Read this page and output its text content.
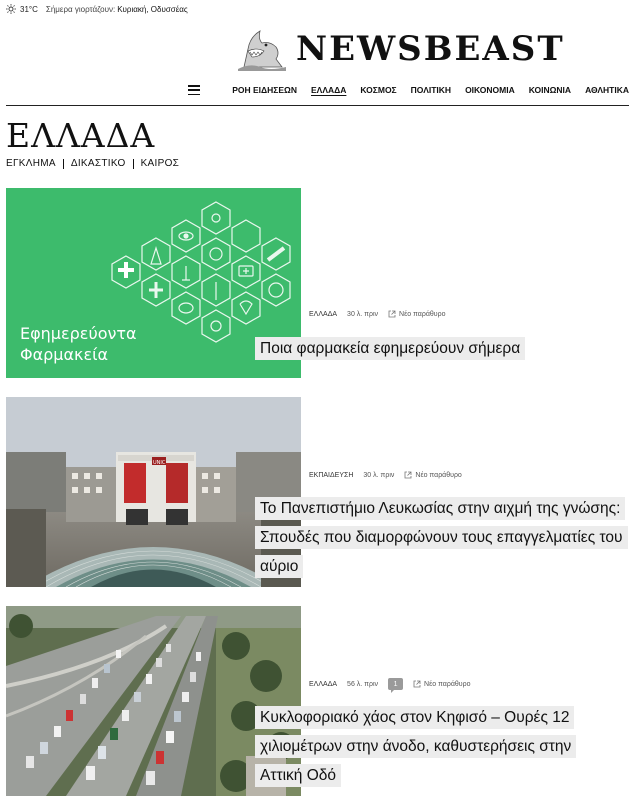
31°C Σήμερα γιορτάζουν: Κυριακή, Οδυσσέας
NEWSBEAST
ΡΟΗ ΕΙΔΗΣΕΩΝ ΕΛΛΑΔΑ ΚΟΣΜΟΣ ΠΟΛΙΤΙΚΗ ΟΙΚΟΝΟΜΙΑ ΚΟΙΝΩΝΙΑ ΑΘΛΗΤΙΚΑ
ΕΛΛΑΔΑ
ΕΓΚΛΗΜΑ ΔΙΚΑΣΤΙΚΟ ΚΑΙΡΟΣ
Εφημερεύοντα
Φαρμακεία
ΕΛΛΑΔΑ 30 λ. πριν	Νέο παράθυρο
Ποια φαρμακεία εφημερεύουν σήμερα
UNIC
ΕΚΠΑΙΔΕΥΣΗ 30 λ. πριν	Νέο παράθυρο
Το Πανεπιστήμιο Λευκωσίας στην αιχμή της γνώσης: Σπουδές που διαμορφώνουν τους επαγγελματίες του αύριο
ΕΛΛΑΔΑ 56 λ. πριν	1	Νέο παράθυρο
Κυκλοφοριακό χάος στον Κηφισό – Ουρές 12 χιλιομέτρων στην άνοδο, καθυστερήσεις στην Αττική Οδό
